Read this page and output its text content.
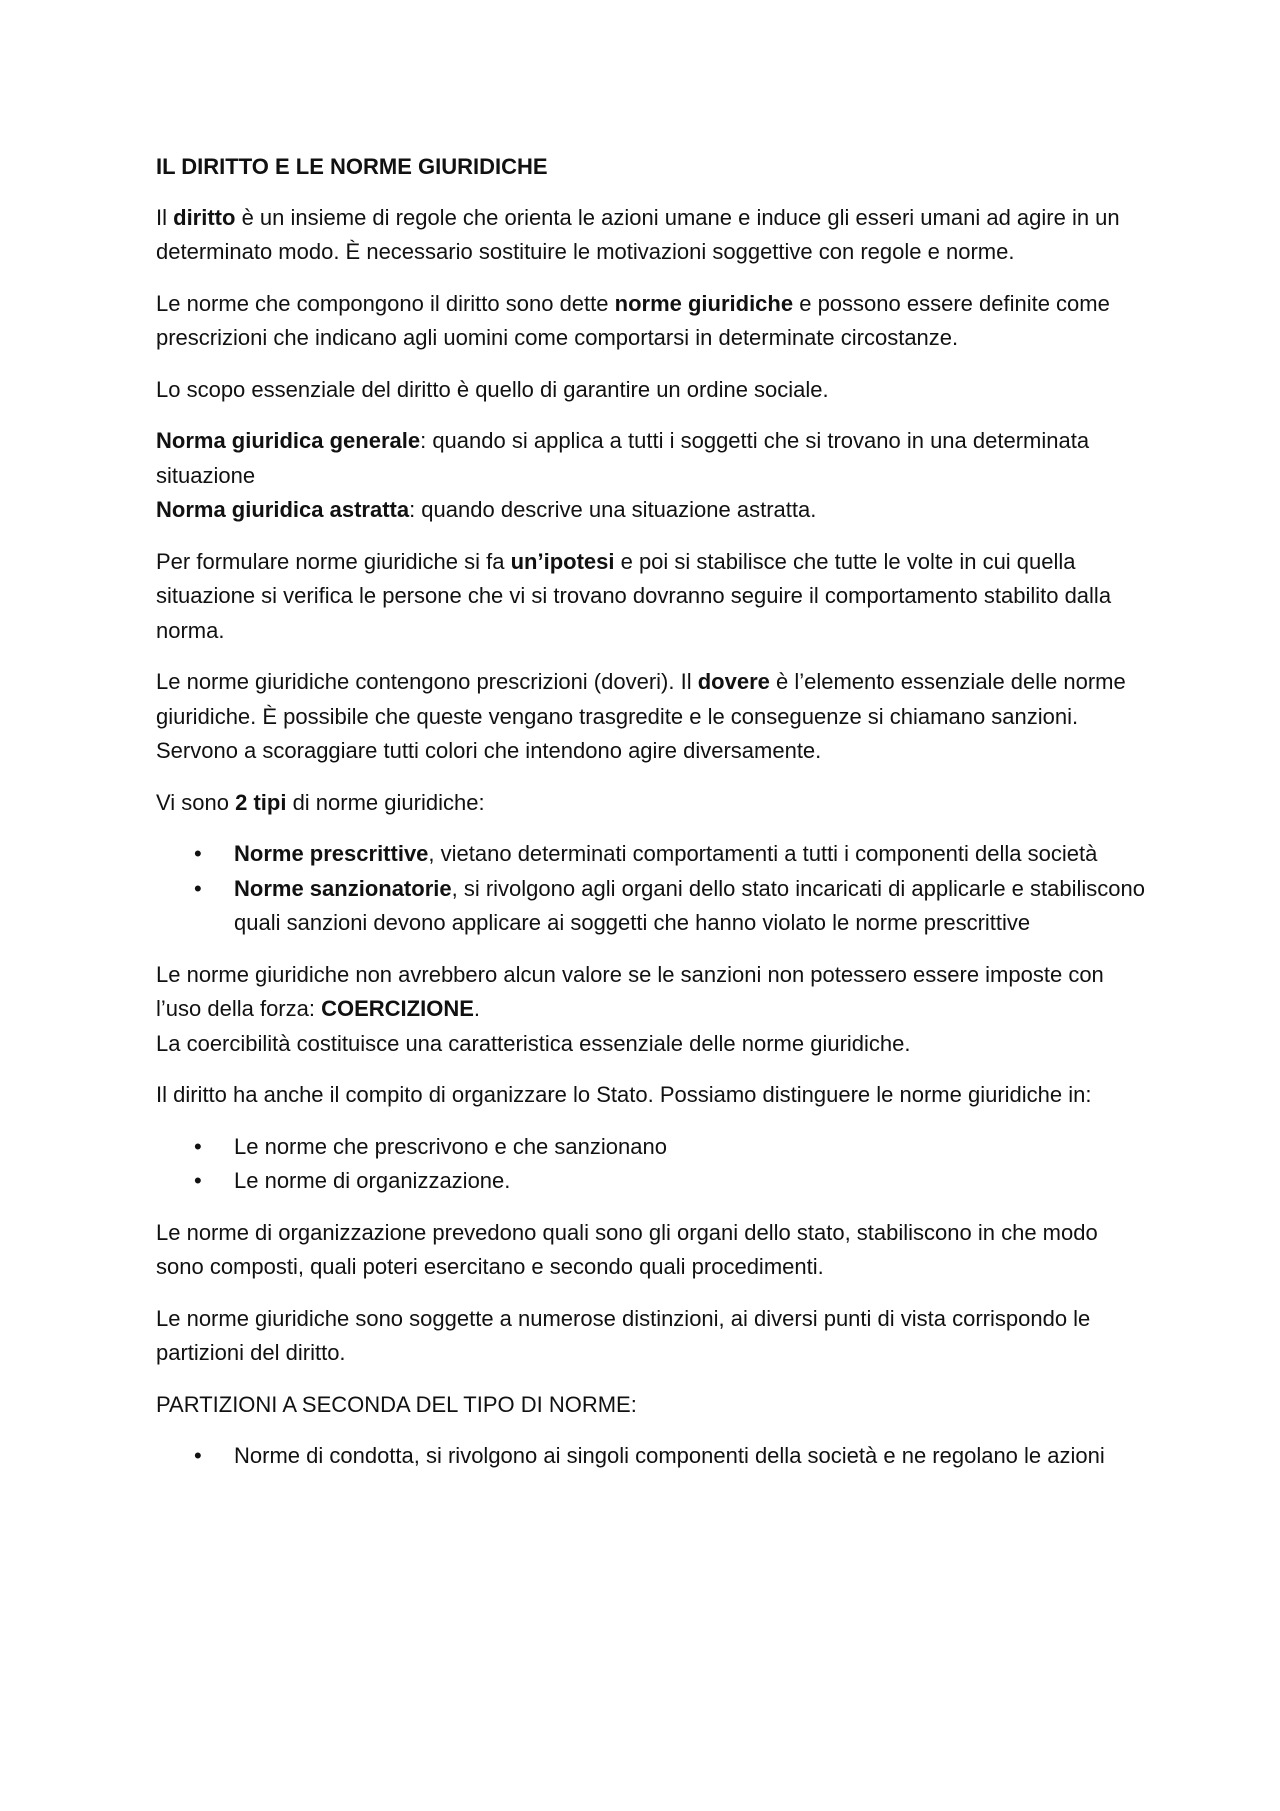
IL DIRITTO E LE NORME GIURIDICHE

Il diritto è un insieme di regole che orienta le azioni umane e induce gli esseri umani ad agire in un determinato modo. È necessario sostituire le motivazioni soggettive con regole e norme.

Le norme che compongono il diritto sono dette norme giuridiche e possono essere definite come prescrizioni che indicano agli uomini come comportarsi in determinate circostanze.

Lo scopo essenziale del diritto è quello di garantire un ordine sociale.

Norma giuridica generale: quando si applica a tutti i soggetti che si trovano in una determinata situazione
Norma giuridica astratta: quando descrive una situazione astratta.

Per formulare norme giuridiche si fa un’ipotesi e poi si stabilisce che tutte le volte in cui quella situazione si verifica le persone che vi si trovano dovranno seguire il comportamento stabilito dalla norma.

Le norme giuridiche contengono prescrizioni (doveri). Il dovere è l’elemento essenziale delle norme giuridiche. È possibile che queste vengano trasgredite e le conseguenze si chiamano sanzioni. Servono a scoraggiare tutti colori che intendono agire diversamente.

Vi sono 2 tipi di norme giuridiche:

• Norme prescrittive, vietano determinati comportamenti a tutti i componenti della società
• Norme sanzionatorie, si rivolgono agli organi dello stato incaricati di applicarle e stabiliscono quali sanzioni devono applicare ai soggetti che hanno violato le norme prescrittive

Le norme giuridiche non avrebbero alcun valore se le sanzioni non potessero essere imposte con l’uso della forza: COERCIZIONE.
La coercibilità costituisce una caratteristica essenziale delle norme giuridiche.

Il diritto ha anche il compito di organizzare lo Stato. Possiamo distinguere le norme giuridiche in:

• Le norme che prescrivono e che sanzionano
• Le norme di organizzazione.

Le norme di organizzazione prevedono quali sono gli organi dello stato, stabiliscono in che modo sono composti, quali poteri esercitano e secondo quali procedimenti.

Le norme giuridiche sono soggette a numerose distinzioni, ai diversi punti di vista corrispondo le partizioni del diritto.

PARTIZIONI A SECONDA DEL TIPO DI NORME:

• Norme di condotta, si rivolgono ai singoli componenti della società e ne regolano le azioni
